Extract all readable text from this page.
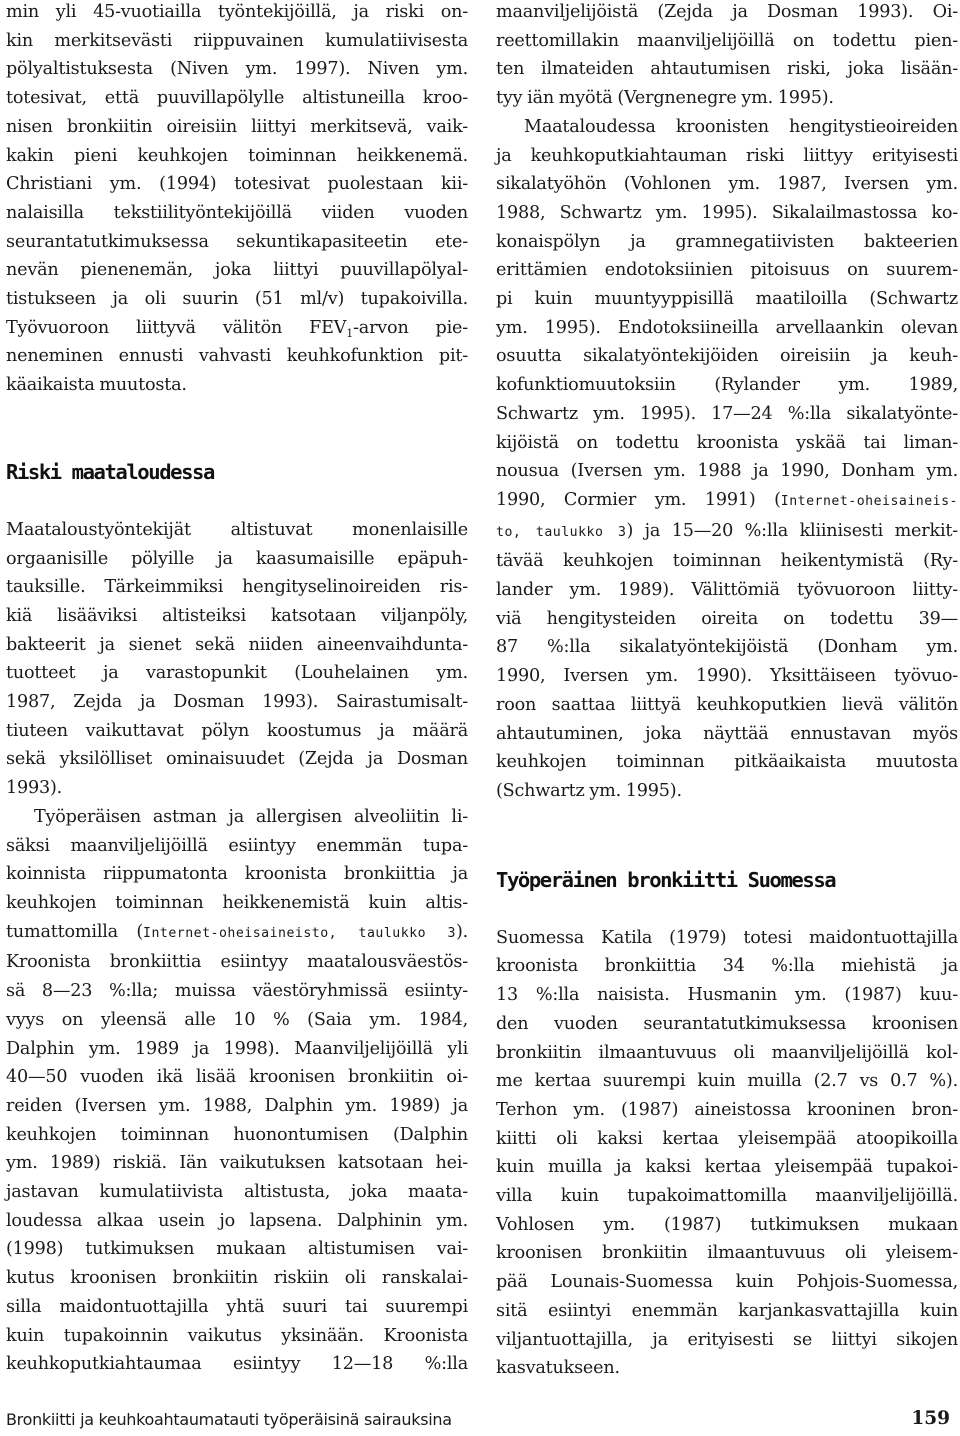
min yli 45-vuotiailla työntekijöillä, ja riski on-
kin merkitsevästi riippuvainen kumulatiivisesta
pölyaltistuksesta (Niven ym. 1997). Niven ym.
totesivat, että puuvillapölylle altistuneilla kroo-
nisen bronkiitin oireisiin liittyi merkitsevä, vaik-
kakin pieni keuhkojen toiminnan heikkenemä.
Christiani ym. (1994) totesivat puolestaan kii-
nalaisilla tekstiilityöntekijöillä viiden vuoden
seurantatutkimuksessa sekuntikapasiteetin ete-
nevän pienenemän, joka liittyi puuvillapölyal-
tistukseen ja oli suurin (51 ml/v) tupakoivilla.
Työvuoroon liittyvä välitön $FEV_1$-arvon pie-
neneminen ennusti vahvasti keuhkofunktion pit-
käaikaista muutosta.
Riski maataloudessa
Maataloustyöntekijät altistuvat monenlaisille
orgaanisille pölyille ja kaasumaisille epäpuh-
tauksille. Tärkeimmiksi hengityselinoireiden ris-
kiä lisääviksi altisteiksi katsotaan viljanpöly,
bakteerit ja sienet sekä niiden aineenvaihdunta-
tuotteet ja varastopunkit (Louhelainen ym.
1987, Zejda ja Dosman 1993). Sairastumisalt-
tiuteen vaikuttavat pölyn koostumus ja määrä
sekä yksilölliset ominaisuudet (Zejda ja Dosman
1993).
Työperäisen astman ja allergisen alveoliitin li-
säksi maanviljelijöillä esiintyy enemmän tupa-
koinnista riippumatonta kroonista bronkiittia ja
keuhkojen toiminnan heikkenemistä kuin altis-
tumattomilla (Internet-oheisaineisto, taulukko 3).
Kroonista bronkiittia esiintyy maatalousväestös-
sä 8—23 %:lla; muissa väestöryhmissä esiinty-
vyys on yleensä alle 10 % (Saia ym. 1984,
Dalphin ym. 1989 ja 1998). Maanviljelijöillä yli
40—50 vuoden ikä lisää kroonisen bronkiitin oi-
reiden (Iversen ym. 1988, Dalphin ym. 1989) ja
keuhkojen toiminnan huonontumisen (Dalphin
ym. 1989) riskiä. Iän vaikutuksen katsotaan hei-
jastavan kumulatiivista altistusta, joka maata-
loudessa alkaa usein jo lapsena. Dalphinin ym.
(1998) tutkimuksen mukaan altistumisen vai-
kutus kroonisen bronkiitin riskiin oli ranskalai-
silla maidontuottajilla yhtä suuri tai suurempi
kuin tupakoinnin vaikutus yksinään. Kroonista
keuhkoputkiahtaumaa esiintyy 12—18 %:lla
maanviljelijöistä (Zejda ja Dosman 1993). Oi-
reettomillakin maanviljelijöillä on todettu pien-
ten ilmateiden ahtautumisen riski, joka lisään-
tyy iän myötä (Vergnenegre ym. 1995).
Maataloudessa kroonisten hengitystieoireiden
ja keuhkoputkiahtauman riski liittyy erityisesti
sikalatyöhön (Vohlonen ym. 1987, Iversen ym.
1988, Schwartz ym. 1995). Sikalailmastossa ko-
konaispölyn ja gramnegatiivisten bakteerien
erittämien endotoksiinien pitoisuus on suurem-
pi kuin muuntyyppisillä maatiloilla (Schwartz
ym. 1995). Endotoksiineilla arvellaankin olevan
osuutta sikalatyöntekijöiden oireisiin ja keuh-
kofunktiomuutoksiin (Rylander ym. 1989,
Schwartz ym. 1995). 17—24 %:lla sikalatyönte-
kijöistä on todettu kroonista yskää tai liman-
nousua (Iversen ym. 1988 ja 1990, Donham ym.
1990, Cormier ym. 1991) (Internet-oheisaineis-
to, taulukko 3) ja 15—20 %:lla kliinisesti merkit-
tävää keuhkojen toiminnan heikentymistä (Ry-
lander ym. 1989). Välittömiä työvuoroon liitty-
viä hengitysteiden oireita on todettu 39—
87 %:lla sikalatyöntekijöistä (Donham ym.
1990, Iversen ym. 1990). Yksittäiseen työvuo-
roon saattaa liittyä keuhkoputkien lievä välitön
ahtautuminen, joka näyttää ennustavan myös
keuhkojen toiminnan pitkäaikaista muutosta
(Schwartz ym. 1995).
Työperäinen bronkiitti Suomessa
Suomessa Katila (1979) totesi maidontuottajilla
kroonista bronkiittia 34 %:lla miehistä ja
13 %:lla naisista. Husmanin ym. (1987) kuu-
den vuoden seurantatutkimuksessa kroonisen
bronkiitin ilmaantuvuus oli maanviljelijöillä kol-
me kertaa suurempi kuin muilla (2.7 vs 0.7 %).
Terhon ym. (1987) aineistossa krooninen bron-
kiitti oli kaksi kertaa yleisempää atoopikoilla
kuin muilla ja kaksi kertaa yleisempää tupakoi-
villa kuin tupakoimattomilla maanviljelijöillä.
Vohlosen ym. (1987) tutkimuksen mukaan
kroonisen bronkiitin ilmaantuvuus oli yleisem-
pää Lounais-Suomessa kuin Pohjois-Suomessa,
sitä esiintyi enemmän karjankasvattajilla kuin
viljantuottajilla, ja erityisesti se liittyi sikojen
kasvatukseen.
Bronkiitti ja keuhkoahtaumatauti työperäisinä sairauksina	159
